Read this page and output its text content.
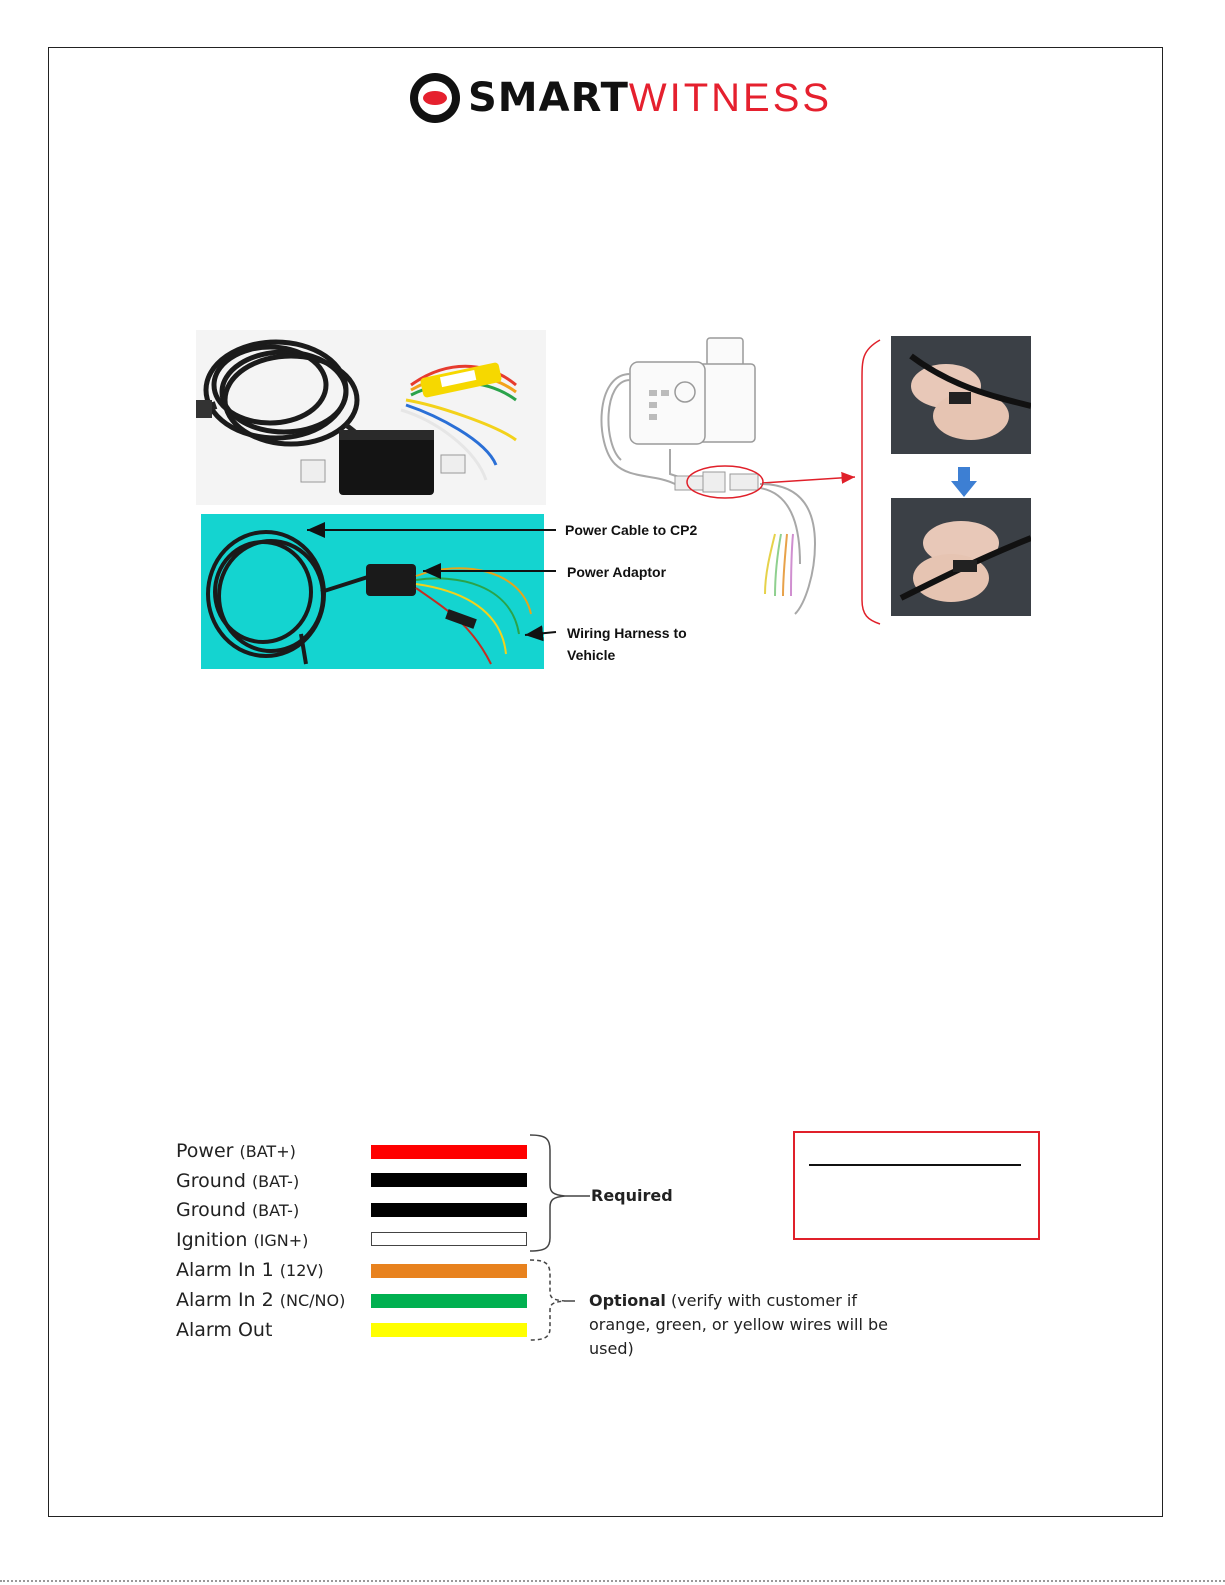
SMARTWITNESS
Power Cable to CP2
Power Adaptor
Wiring Harness to Vehicle
Power (BAT+)
Ground (BAT-)
Ground (BAT-)
Ignition (IGN+)
Alarm In 1 (12V)
Alarm In 2 (NC/NO)
Alarm Out
Required
Optional (verify with customer if orange, green, or yellow wires will be used)
